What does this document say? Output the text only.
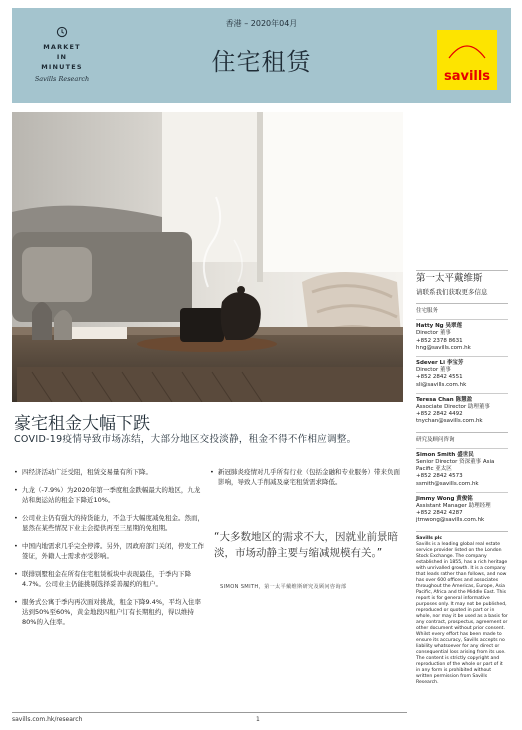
MARKET
IN
MINUTES
Savills Research
香港 – 2020年04月
住宅租赁
savills
第一太平戴维斯
请联系我们获取更多信息
住宅服务
Hatty Ng 吴翠莲
Director 董事
+852 2378 8631
hng@savills.com.hk
Sdever Li 李宝芳
Director 董事
+852 2842 4551
sli@savills.com.hk
Teresa Chan 陈慧盈
Associate Director 助理董事
+852 2842 4492
tnychan@savills.com.hk
研究及顾问咨询
Simon Smith 盛世民
Senior Director 资深董事 Asia Pacific 亚太区
+852 2842 4573
ssmith@savills.com.hk
Jimmy Wong 黄俊铭
Assistant Manager 助理经理
+852 2842 4287
jtmwong@savills.com.hk
Savills plc
Savills is a leading global real estate service provider listed on the London Stock Exchange. The company established in 1855, has a rich heritage with unrivalled growth. It is a company that leads rather than follows, and now has over 600 offices and associates throughout the Americas, Europe, Asia Pacific, Africa and the Middle East. This report is for general informative purposes only. It may not be published, reproduced or quoted in part or in whole, nor may it be used as a basis for any contract, prospectus, agreement or other document without prior consent. Whilst every effort has been made to ensure its accuracy, Savills accepts no liability whatsoever for any direct or consequential loss arising from its use. The content is strictly copyright and reproduction of the whole or part of it in any form is prohibited without written permission from Savills Research.
豪宅租金大幅下跌
COVID-19疫情导致市场冻结，大部分地区交投淡静，租金不得不作相应调整。
• 四经济活动广泛受阻，租赁交易量有所下降。
• 九龙（-7.9%）为2020年第一季度租金跌幅最大的地区，九龙站和奥运站的租金下降近10%。
• 公司业主仍有强大的持货能力，不急于大幅度减免租金。然而，显然在某些情况下业主会提供再至三星期的免租期。
• 中国内地需求几乎完全停滞。另外，因政府部门关闭，停发工作签证，外籍人士需求亦受影响。
• 联排别墅租金在所有住宅租赁板块中表现最佳，于季内下降4.7%。公司业主仍能挑剔选择妥善履约的租户。
• 服务式公寓于季内再次面对挑战，租金下降9.4%，平均入住率达到50%至60%，黄金地段四租户订有长期租约，得以维持80%的入住率。
• 新冠肺炎疫情对几乎所有行业（包括金融和专业服务）带来负面影响，导致人手削减及豪宅租赁需求降低。
“大多数地区的需求不大，因就业前景暗淡，市场动静主要与缩减规模有关。”
SIMON SMITH，第一太平戴维斯研究及顾问咨询部
savills.com.hk/research	1
